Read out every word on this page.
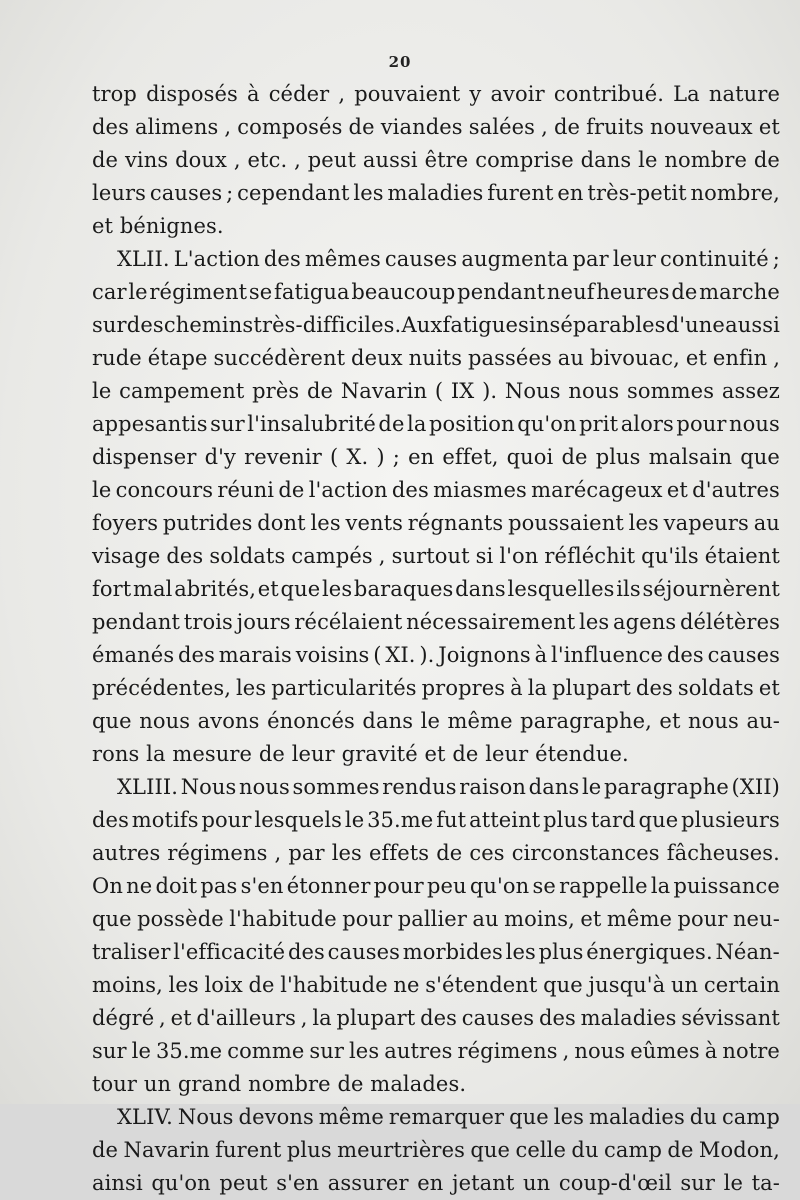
20
trop disposés à céder , pouvaient y avoir contribué. La nature
des alimens , composés de viandes salées , de fruits nouveaux et
de vins doux , etc. , peut aussi être comprise dans le nombre de
leurs causes ; cependant les maladies furent en très-petit nombre,
et bénignes.
XLII. L'action des mêmes causes augmenta par leur continuité ;
car le régiment se fatigua beaucoup pendant neuf heures de marche
sur des chemins très-difficiles. Aux fatigues inséparables d'une aussi
rude étape succédèrent deux nuits passées au bivouac, et enfin ,
le campement près de Navarin ( IX ). Nous nous sommes assez
appesantis sur l'insalubrité de la position qu'on prit alors pour nous
dispenser d'y revenir ( X. ) ; en effet, quoi de plus malsain que
le concours réuni de l'action des miasmes marécageux et d'autres
foyers putrides dont les vents régnants poussaient les vapeurs au
visage des soldats campés , surtout si l'on réfléchit qu'ils étaient
fort mal abrités, et que les baraques dans lesquelles ils séjournèrent
pendant trois jours récélaient nécessairement les agens délétères
émanés des marais voisins ( XI. ). Joignons à l'influence des causes
précédentes, les particularités propres à la plupart des soldats et
que nous avons énoncés dans le même paragraphe, et nous au-
rons la mesure de leur gravité et de leur étendue.
XLIII. Nous nous sommes rendus raison dans le paragraphe (XII)
des motifs pour lesquels le 35.me fut atteint plus tard que plusieurs
autres régimens , par les effets de ces circonstances fâcheuses.
On ne doit pas s'en étonner pour peu qu'on se rappelle la puissance
que possède l'habitude pour pallier au moins, et même pour neu-
traliser l'efficacité des causes morbides les plus énergiques. Néan-
moins, les loix de l'habitude ne s'étendent que jusqu'à un certain
dégré , et d'ailleurs , la plupart des causes des maladies sévissant
sur le 35.me comme sur les autres régimens , nous eûmes à notre
tour un grand nombre de malades.
XLIV. Nous devons même remarquer que les maladies du camp
de Navarin furent plus meurtrières que celle du camp de Modon,
ainsi qu'on peut s'en assurer en jetant un coup-d'œil sur le ta-
